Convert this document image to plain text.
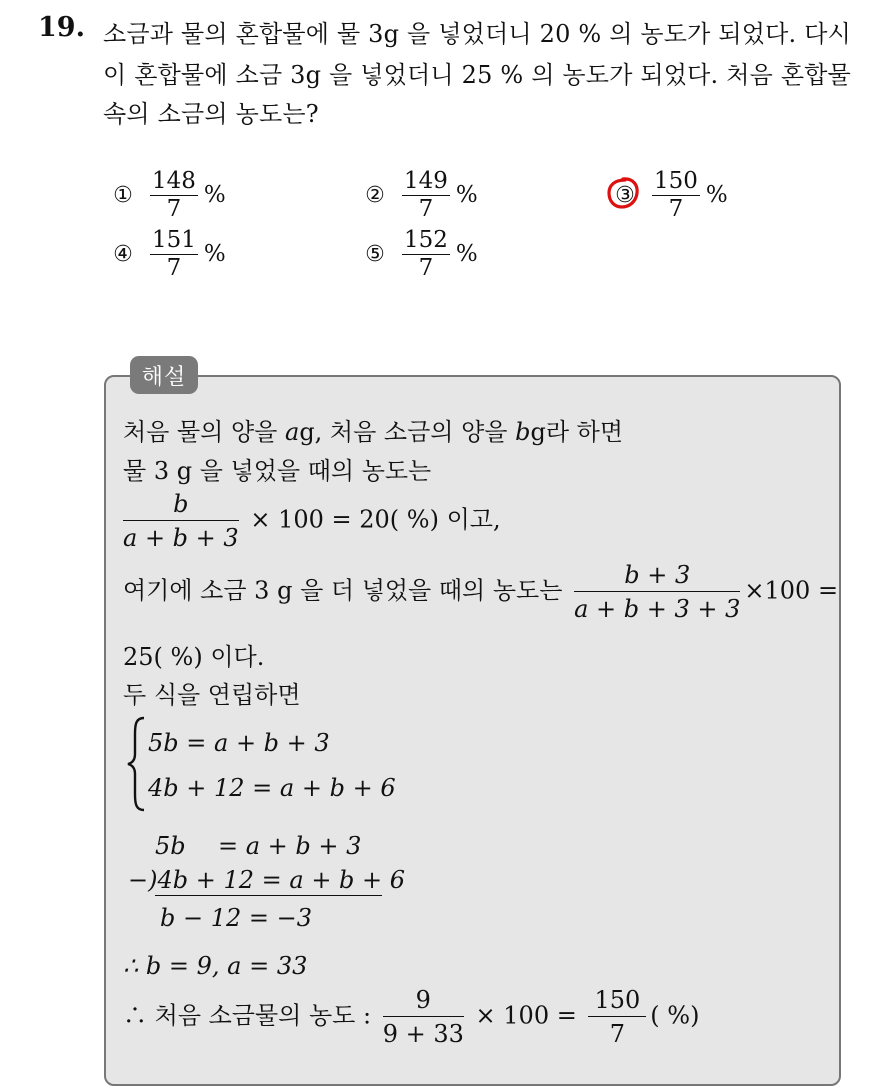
19. 소금과 물의 혼합물에 물 3g 을 넣었더니 20 % 의 농도가 되었다. 다시
이 혼합물에 소금 3g 을 넣었더니 25 % 의 농도가 되었다. 처음 혼합물
속의 소금의 농도는?
① $\frac{148}{7}$ %	② $\frac{149}{7}$ %	③ $\frac{150}{7}$ %
④ $\frac{151}{7}$ %	⑤ $\frac{152}{7}$ %
해설
처음 물의 양을 ag, 처음 소금의 양을 bg라 하면
물 3 g 을 넣었을 때의 농도는
$\frac{b}{a + b + 3} \times 100 = 20$( %) 이고,
여기에 소금 3 g 을 더 넣었을 때의 농도는 $\frac{b + 3}{a + b + 3 + 3} \times 100$ =
25( %) 이다.
두 식을 연립하면
5b = a + b + 3
4b + 12 = a + b + 6
5b = a + b + 3
−)4b + 12 = a + b + 6
b − 12 = −3
∴ b = 9, a = 33
∴ 처음 소금물의 농도 : $\frac{9}{9 + 33} \times 100 = \frac{150}{7}$ ( %)
